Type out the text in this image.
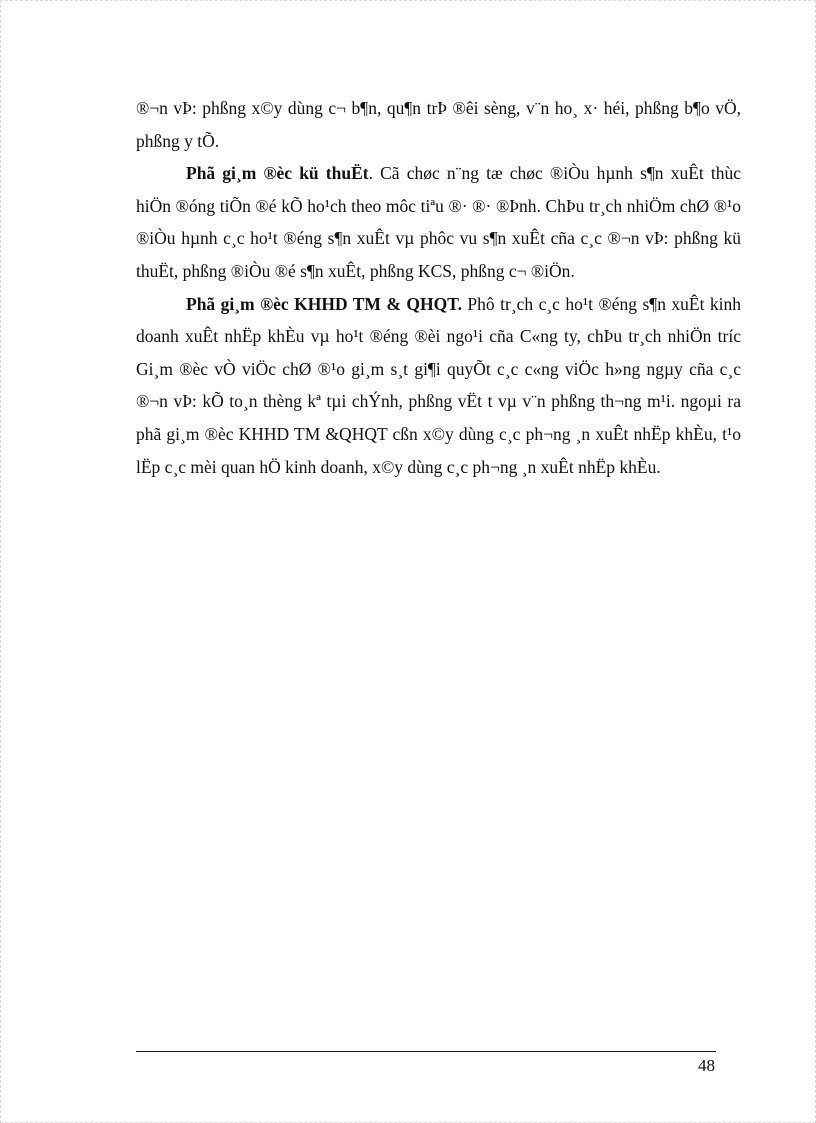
®¬n vÞ: phßng x©y dùng c¬ b¶n, qu¶n trÞ ®êi sèng, v¨n ho¸ x· héi, phßng b¶o vÖ, phßng y tÕ.

Phã gi¸m ®èc kü thuËt. Cã chøc n¨ng tæ chøc ®iÒu hµnh s¶n xuÊt thùc hiÖn ®óng tiÕn ®é kÕ ho¹ch theo môc tiªu ®· ®· ®Þnh. ChÞu tr¸ch nhiÖm chØ ®¹o ®iÒu hµnh c¸c ho¹t ®éng s¶n xuÊt vµ phôc vu s¶n xuÊt cña c¸c ®¬n vÞ: phßng kü thuËt, phßng ®iÒu ®é s¶n xuÊt, phßng KCS, phßng c¬ ®iÖn.

Phã gi¸m ®èc KHHD TM & QHQT. Phô tr¸ch c¸c ho¹t ®éng s¶n xuÊt kinh doanh xuÊt nhËp khÈu vµ ho¹t ®éng ®èi ngo¹i cña C«ng ty, chÞu tr¸ch nhiÖn tríc Gi¸m ®èc vÒ viÖc chØ ®¹o gi¸m s¸t gi¶i quyÕt c¸c c«ng viÖc h»ng ngµy cña c¸c ®¬n vÞ: kÕ to¸n thèng kª tµi chÝnh, phßng vËt t vµ v¨n phßng th¬ng m¹i. ngoµi ra phã gi¸m ®èc KHHD TM &QHQT cßn x©y dùng c¸c ph¬ng ¸n xuÊt nhËp khÈu, t¹o lËp c¸c mèi quan hÖ kinh doanh, x©y dùng c¸c ph¬ng ¸n xuÊt nhËp khÈu.

48
